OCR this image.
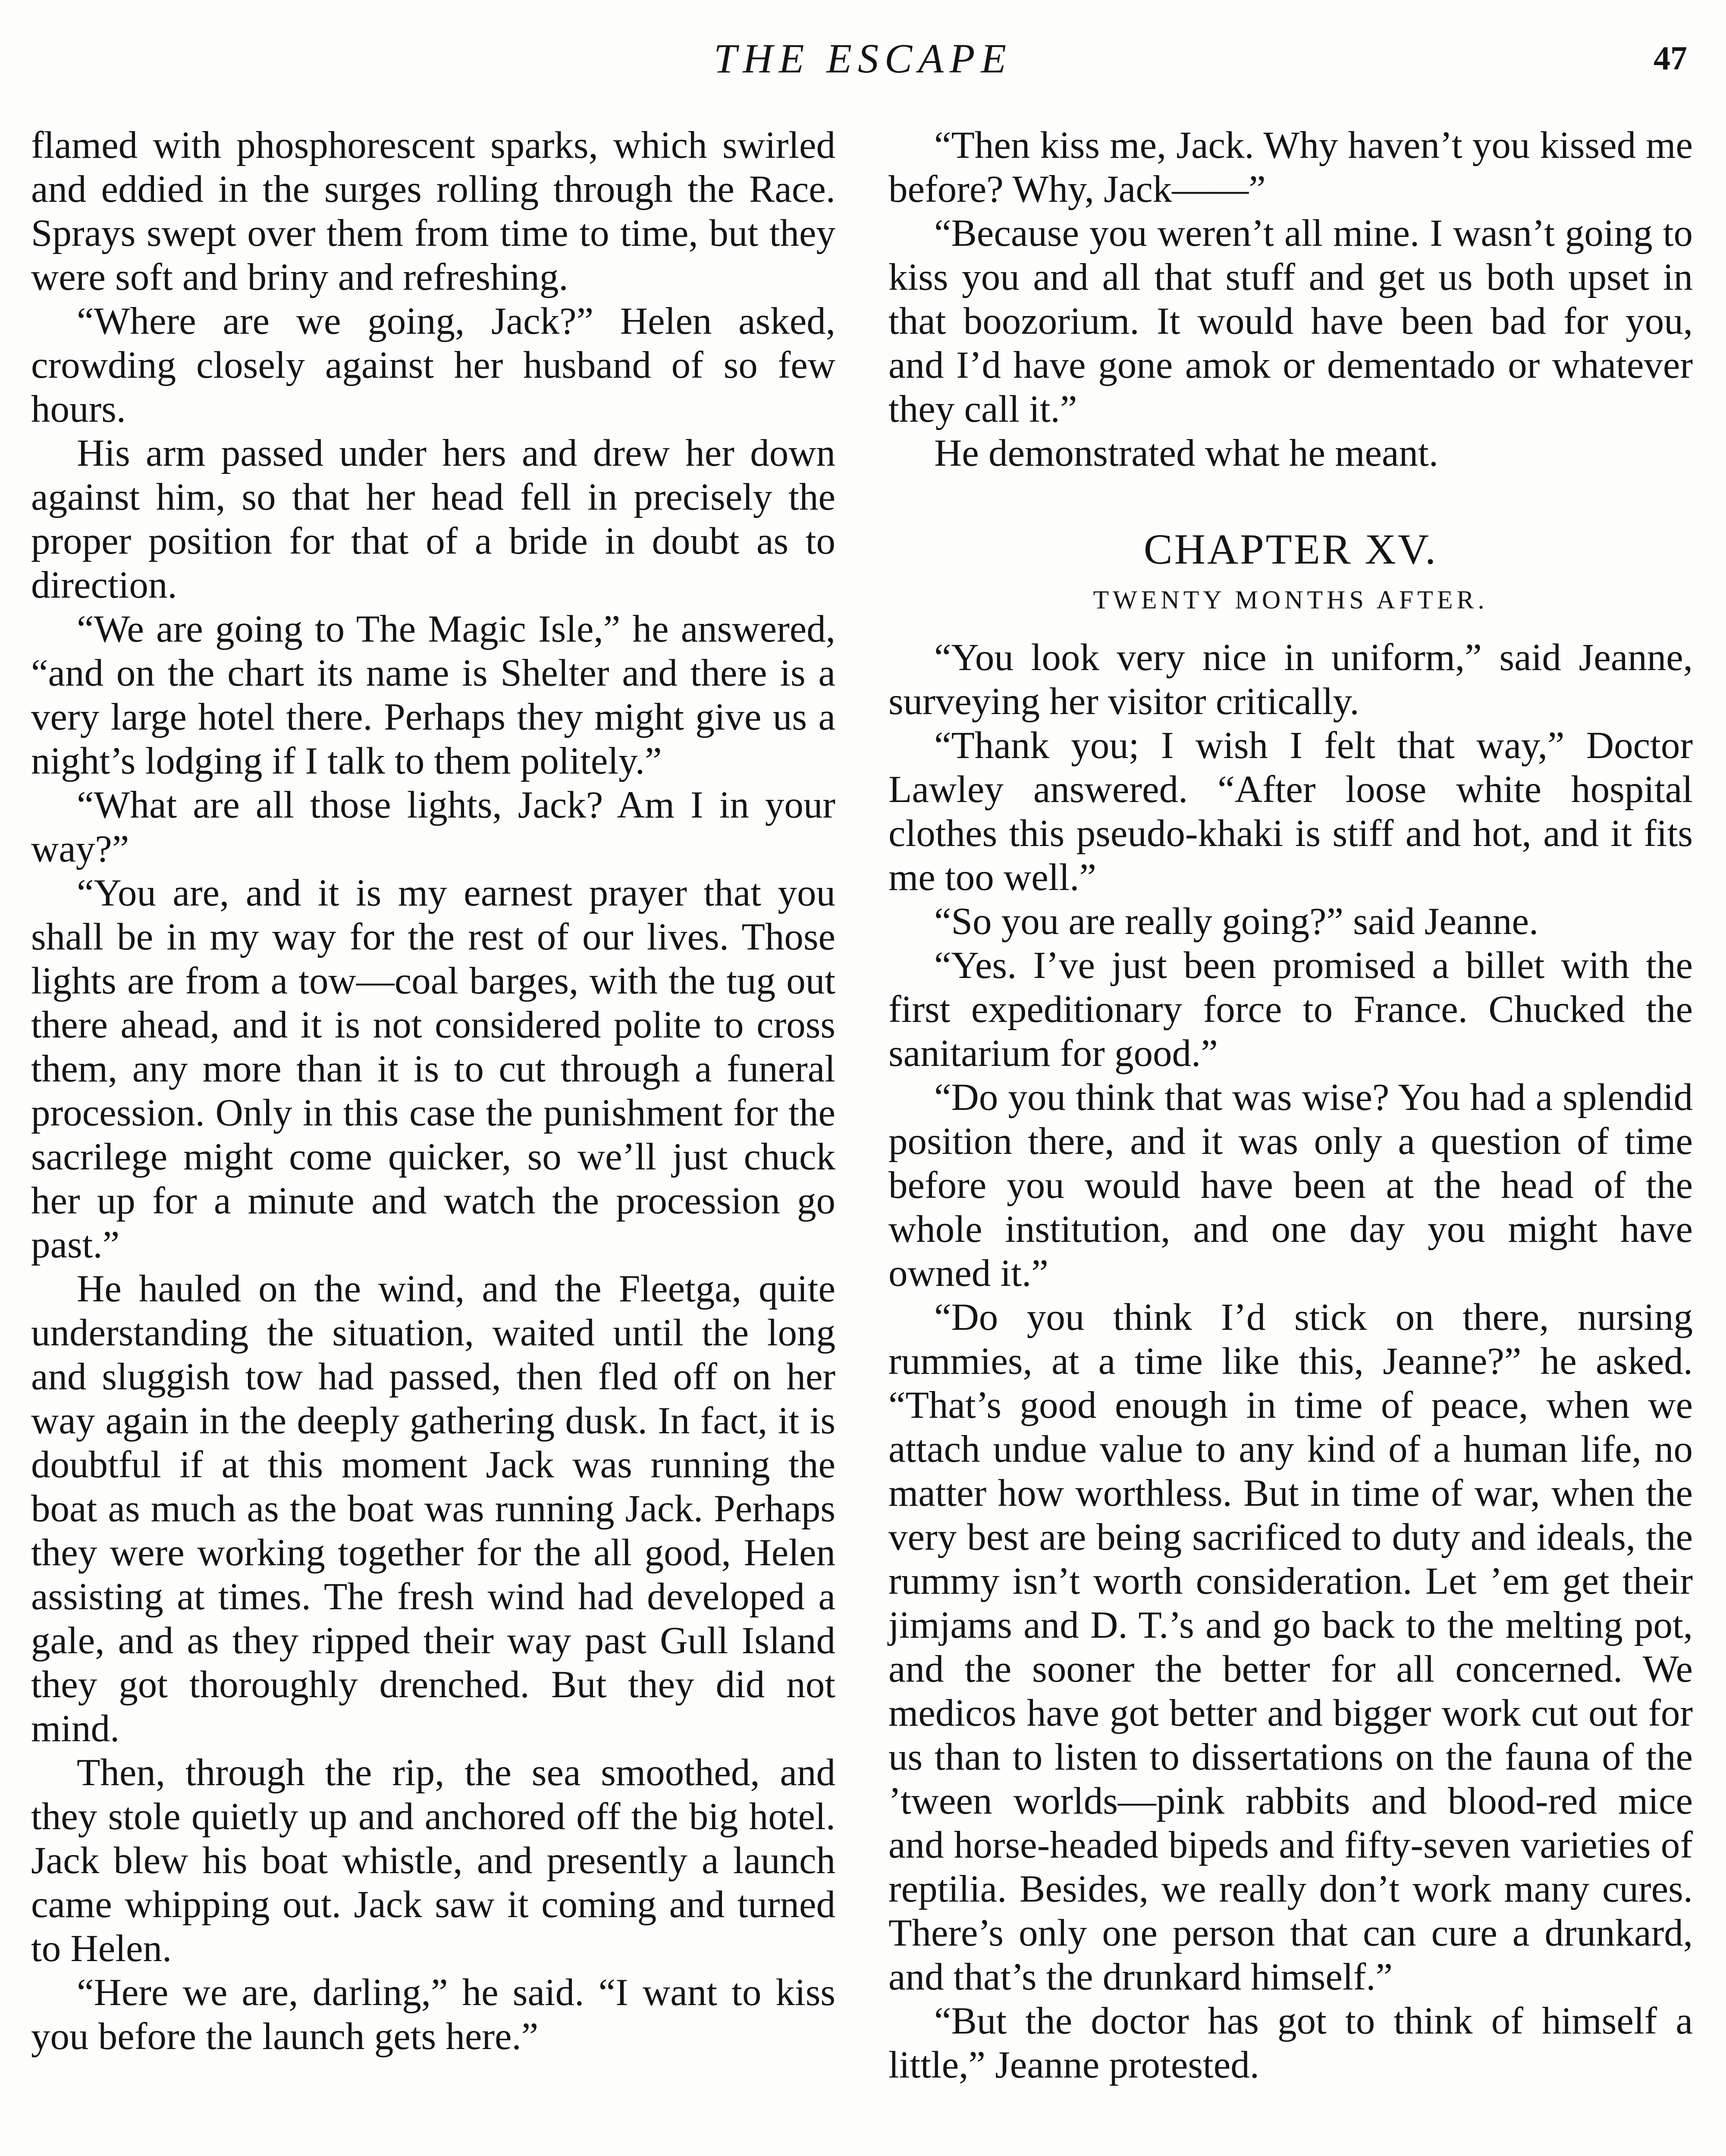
THE ESCAPE	47

flamed with phosphorescent sparks, which swirled and eddied in the surges rolling through the Race. Sprays swept over them from time to time, but they were soft and briny and refreshing.

“Where are we going, Jack?” Helen asked, crowding closely against her husband of so few hours.

His arm passed under hers and drew her down against him, so that her head fell in precisely the proper position for that of a bride in doubt as to direction.

“We are going to The Magic Isle,” he answered, “and on the chart its name is Shelter and there is a very large hotel there. Perhaps they might give us a night’s lodging if I talk to them politely.”

“What are all those lights, Jack? Am I in your way?”

“You are, and it is my earnest prayer that you shall be in my way for the rest of our lives. Those lights are from a tow—coal barges, with the tug out there ahead, and it is not considered polite to cross them, any more than it is to cut through a funeral procession. Only in this case the punishment for the sacrilege might come quicker, so we’ll just chuck her up for a minute and watch the procession go past.”

He hauled on the wind, and the Fleetga, quite understanding the situation, waited until the long and sluggish tow had passed, then fled off on her way again in the deeply gathering dusk. In fact, it is doubtful if at this moment Jack was running the boat as much as the boat was running Jack. Perhaps they were working together for the all good, Helen assisting at times. The fresh wind had developed a gale, and as they ripped their way past Gull Island they got thoroughly drenched. But they did not mind.

Then, through the rip, the sea smoothed, and they stole quietly up and anchored off the big hotel. Jack blew his boat whistle, and presently a launch came whipping out. Jack saw it coming and turned to Helen.

“Here we are, darling,” he said. “I want to kiss you before the launch gets here.”

“Then kiss me, Jack. Why haven’t you kissed me before? Why, Jack——”

“Because you weren’t all mine. I wasn’t going to kiss you and all that stuff and get us both upset in that boozorium. It would have been bad for you, and I’d have gone amok or dementado or whatever they call it.”

He demonstrated what he meant.

CHAPTER XV.
TWENTY MONTHS AFTER.

“You look very nice in uniform,” said Jeanne, surveying her visitor critically.

“Thank you; I wish I felt that way,” Doctor Lawley answered. “After loose white hospital clothes this pseudo-khaki is stiff and hot, and it fits me too well.”

“So you are really going?” said Jeanne.

“Yes. I’ve just been promised a billet with the first expeditionary force to France. Chucked the sanitarium for good.”

“Do you think that was wise? You had a splendid position there, and it was only a question of time before you would have been at the head of the whole institution, and one day you might have owned it.”

“Do you think I’d stick on there, nursing rummies, at a time like this, Jeanne?” he asked. “That’s good enough in time of peace, when we attach undue value to any kind of a human life, no matter how worthless. But in time of war, when the very best are being sacrificed to duty and ideals, the rummy isn’t worth consideration. Let ’em get their jimjams and D. T.’s and go back to the melting pot, and the sooner the better for all concerned. We medicos have got better and bigger work cut out for us than to listen to dissertations on the fauna of the ’tween worlds—pink rabbits and blood-red mice and horse-headed bipeds and fifty-seven varieties of reptilia. Besides, we really don’t work many cures. There’s only one person that can cure a drunkard, and that’s the drunkard himself.”

“But the doctor has got to think of himself a little,” Jeanne protested.
